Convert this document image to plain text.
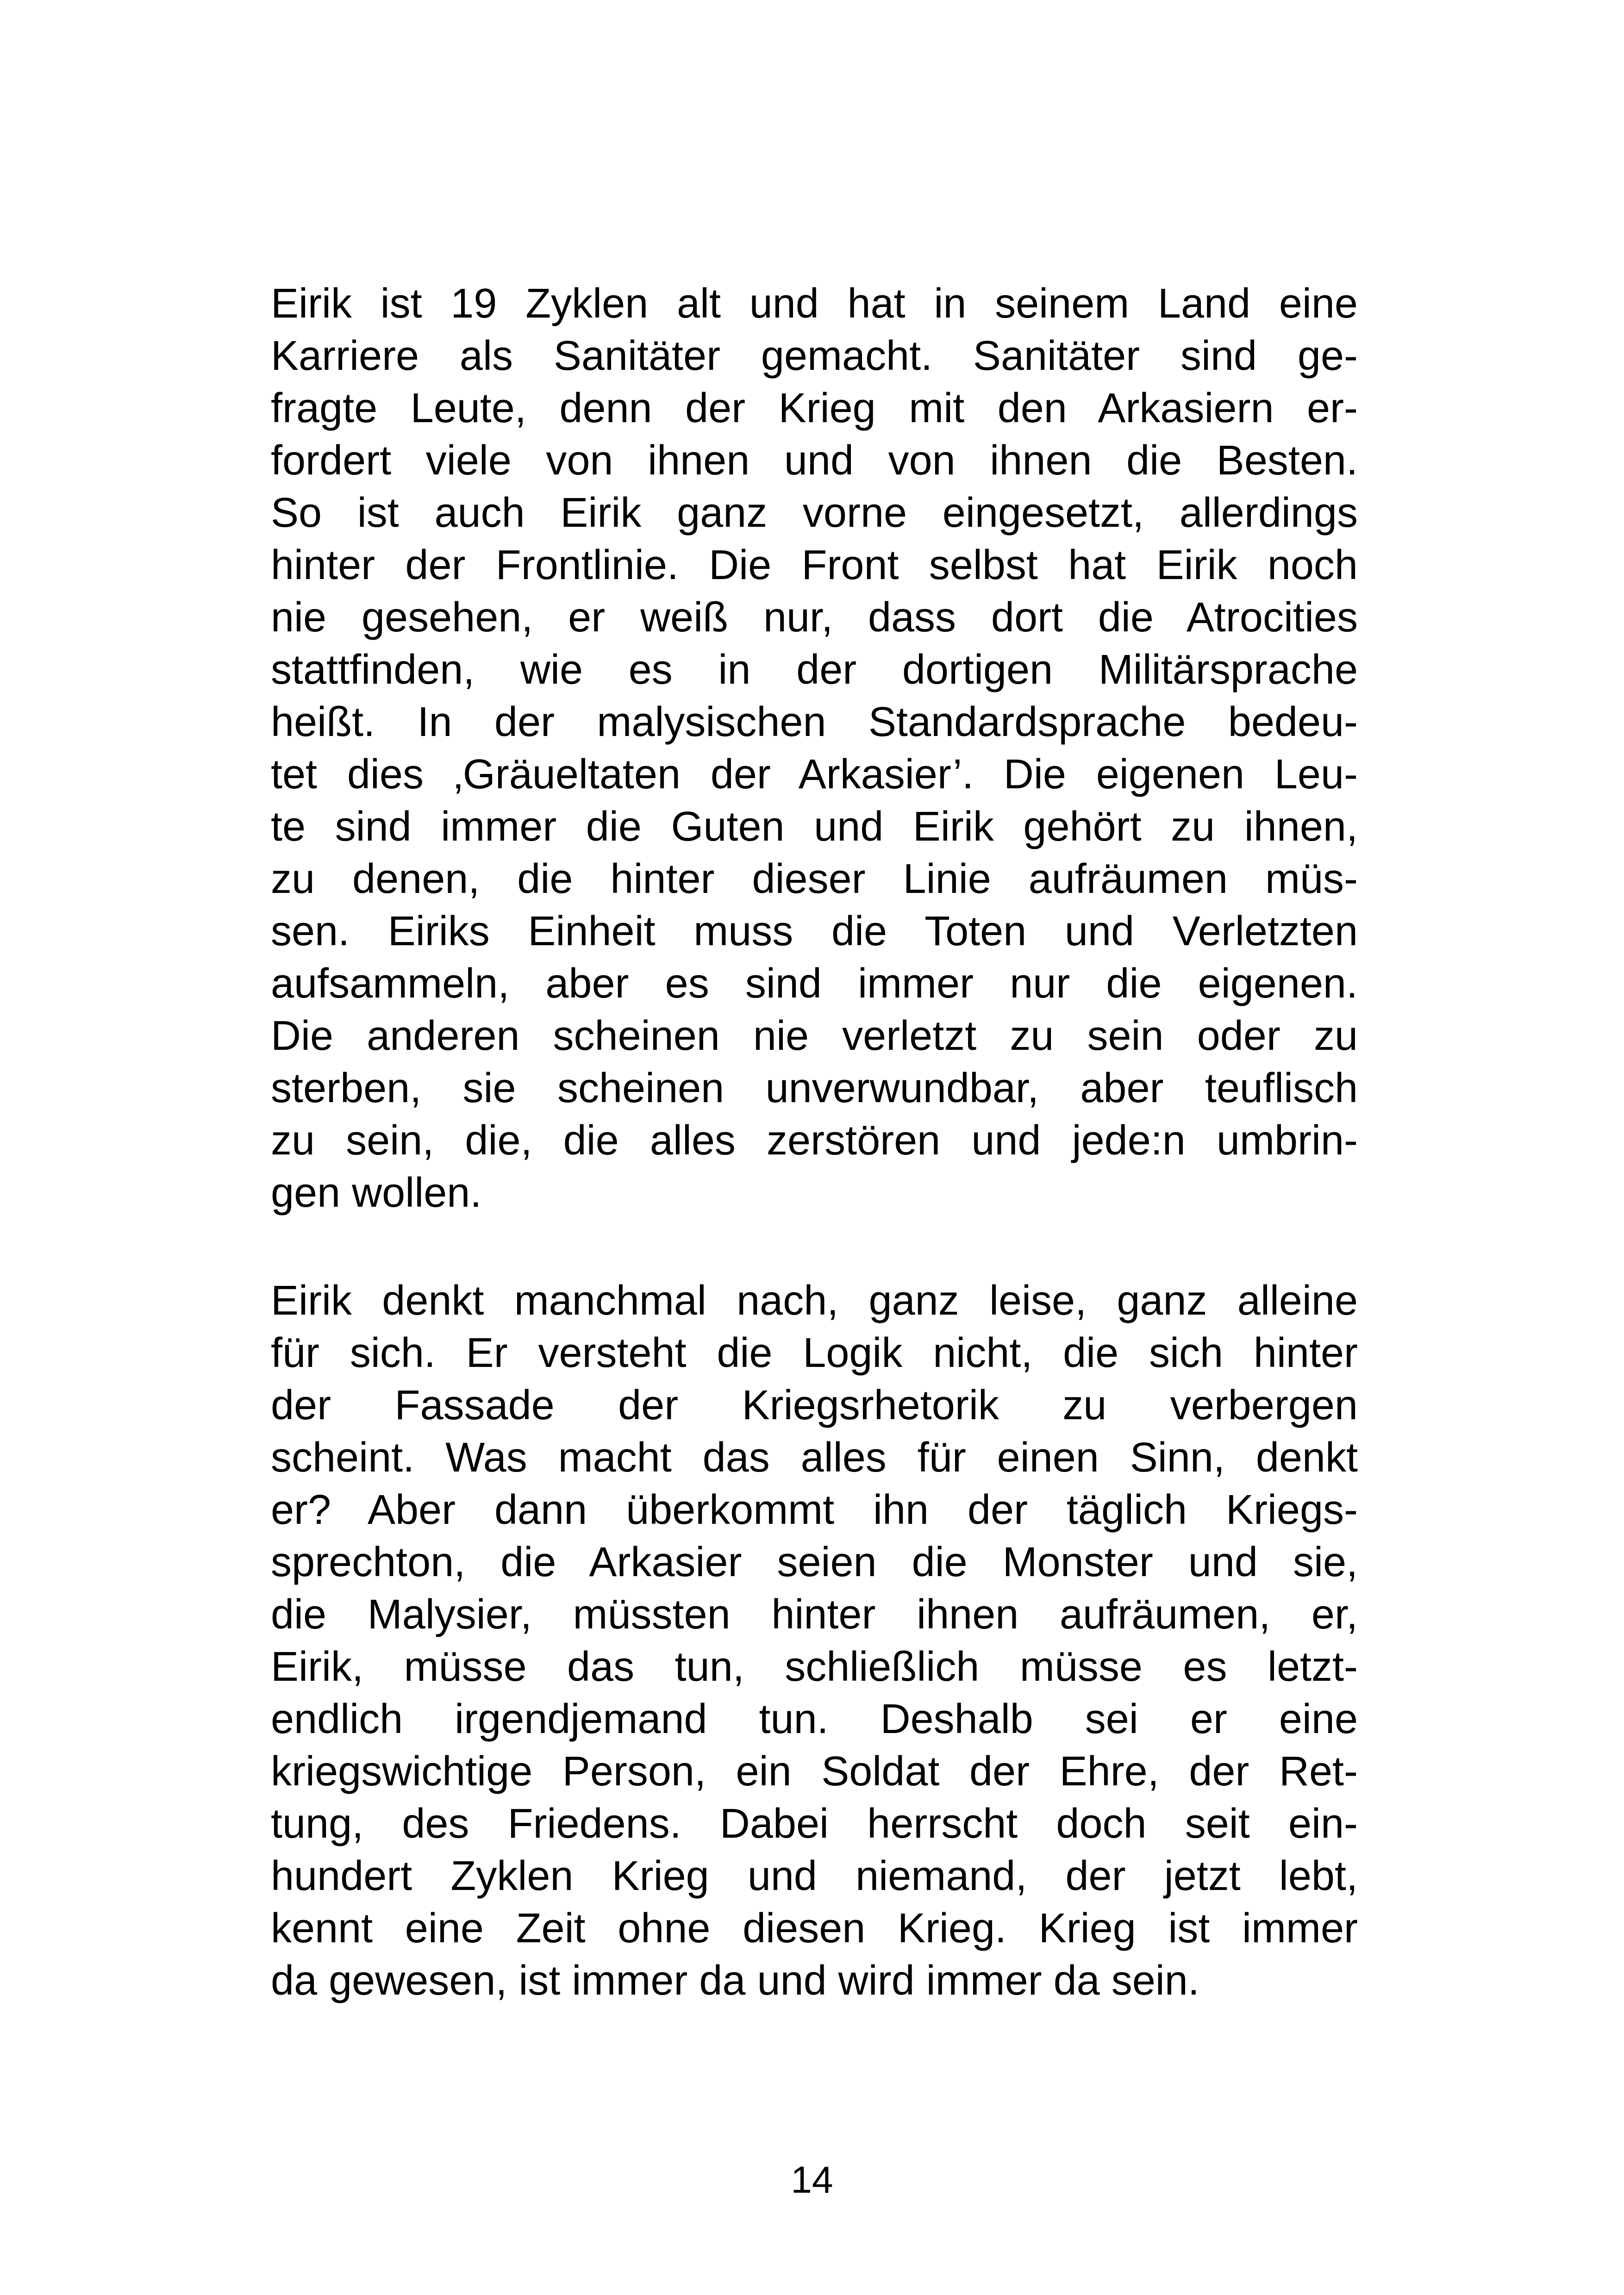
Eirik ist 19 Zyklen alt und hat in seinem Land eine
Karriere als Sanitäter gemacht. Sanitäter sind ge-
fragte Leute, denn der Krieg mit den Arkasiern er-
fordert viele von ihnen und von ihnen die Besten.
So ist auch Eirik ganz vorne eingesetzt, allerdings
hinter der Frontlinie. Die Front selbst hat Eirik noch
nie gesehen, er weiß nur, dass dort die Atrocities
stattfinden, wie es in der dortigen Militärsprache
heißt. In der malysischen Standardsprache bedeu-
tet dies ‚Gräueltaten der Arkasier’. Die eigenen Leu-
te sind immer die Guten und Eirik gehört zu ihnen,
zu denen, die hinter dieser Linie aufräumen müs-
sen. Eiriks Einheit muss die Toten und Verletzten
aufsammeln, aber es sind immer nur die eigenen.
Die anderen scheinen nie verletzt zu sein oder zu
sterben, sie scheinen unverwundbar, aber teuflisch
zu sein, die, die alles zerstören und jede:n umbrin-
gen wollen.
Eirik denkt manchmal nach, ganz leise, ganz alleine
für sich. Er versteht die Logik nicht, die sich hinter
der Fassade der Kriegsrhetorik zu verbergen
scheint. Was macht das alles für einen Sinn, denkt
er? Aber dann überkommt ihn der täglich Kriegs-
sprechton, die Arkasier seien die Monster und sie,
die Malysier, müssten hinter ihnen aufräumen, er,
Eirik, müsse das tun, schließlich müsse es letzt-
endlich irgendjemand tun. Deshalb sei er eine
kriegswichtige Person, ein Soldat der Ehre, der Ret-
tung, des Friedens. Dabei herrscht doch seit ein-
hundert Zyklen Krieg und niemand, der jetzt lebt,
kennt eine Zeit ohne diesen Krieg. Krieg ist immer
da gewesen, ist immer da und wird immer da sein.
14
